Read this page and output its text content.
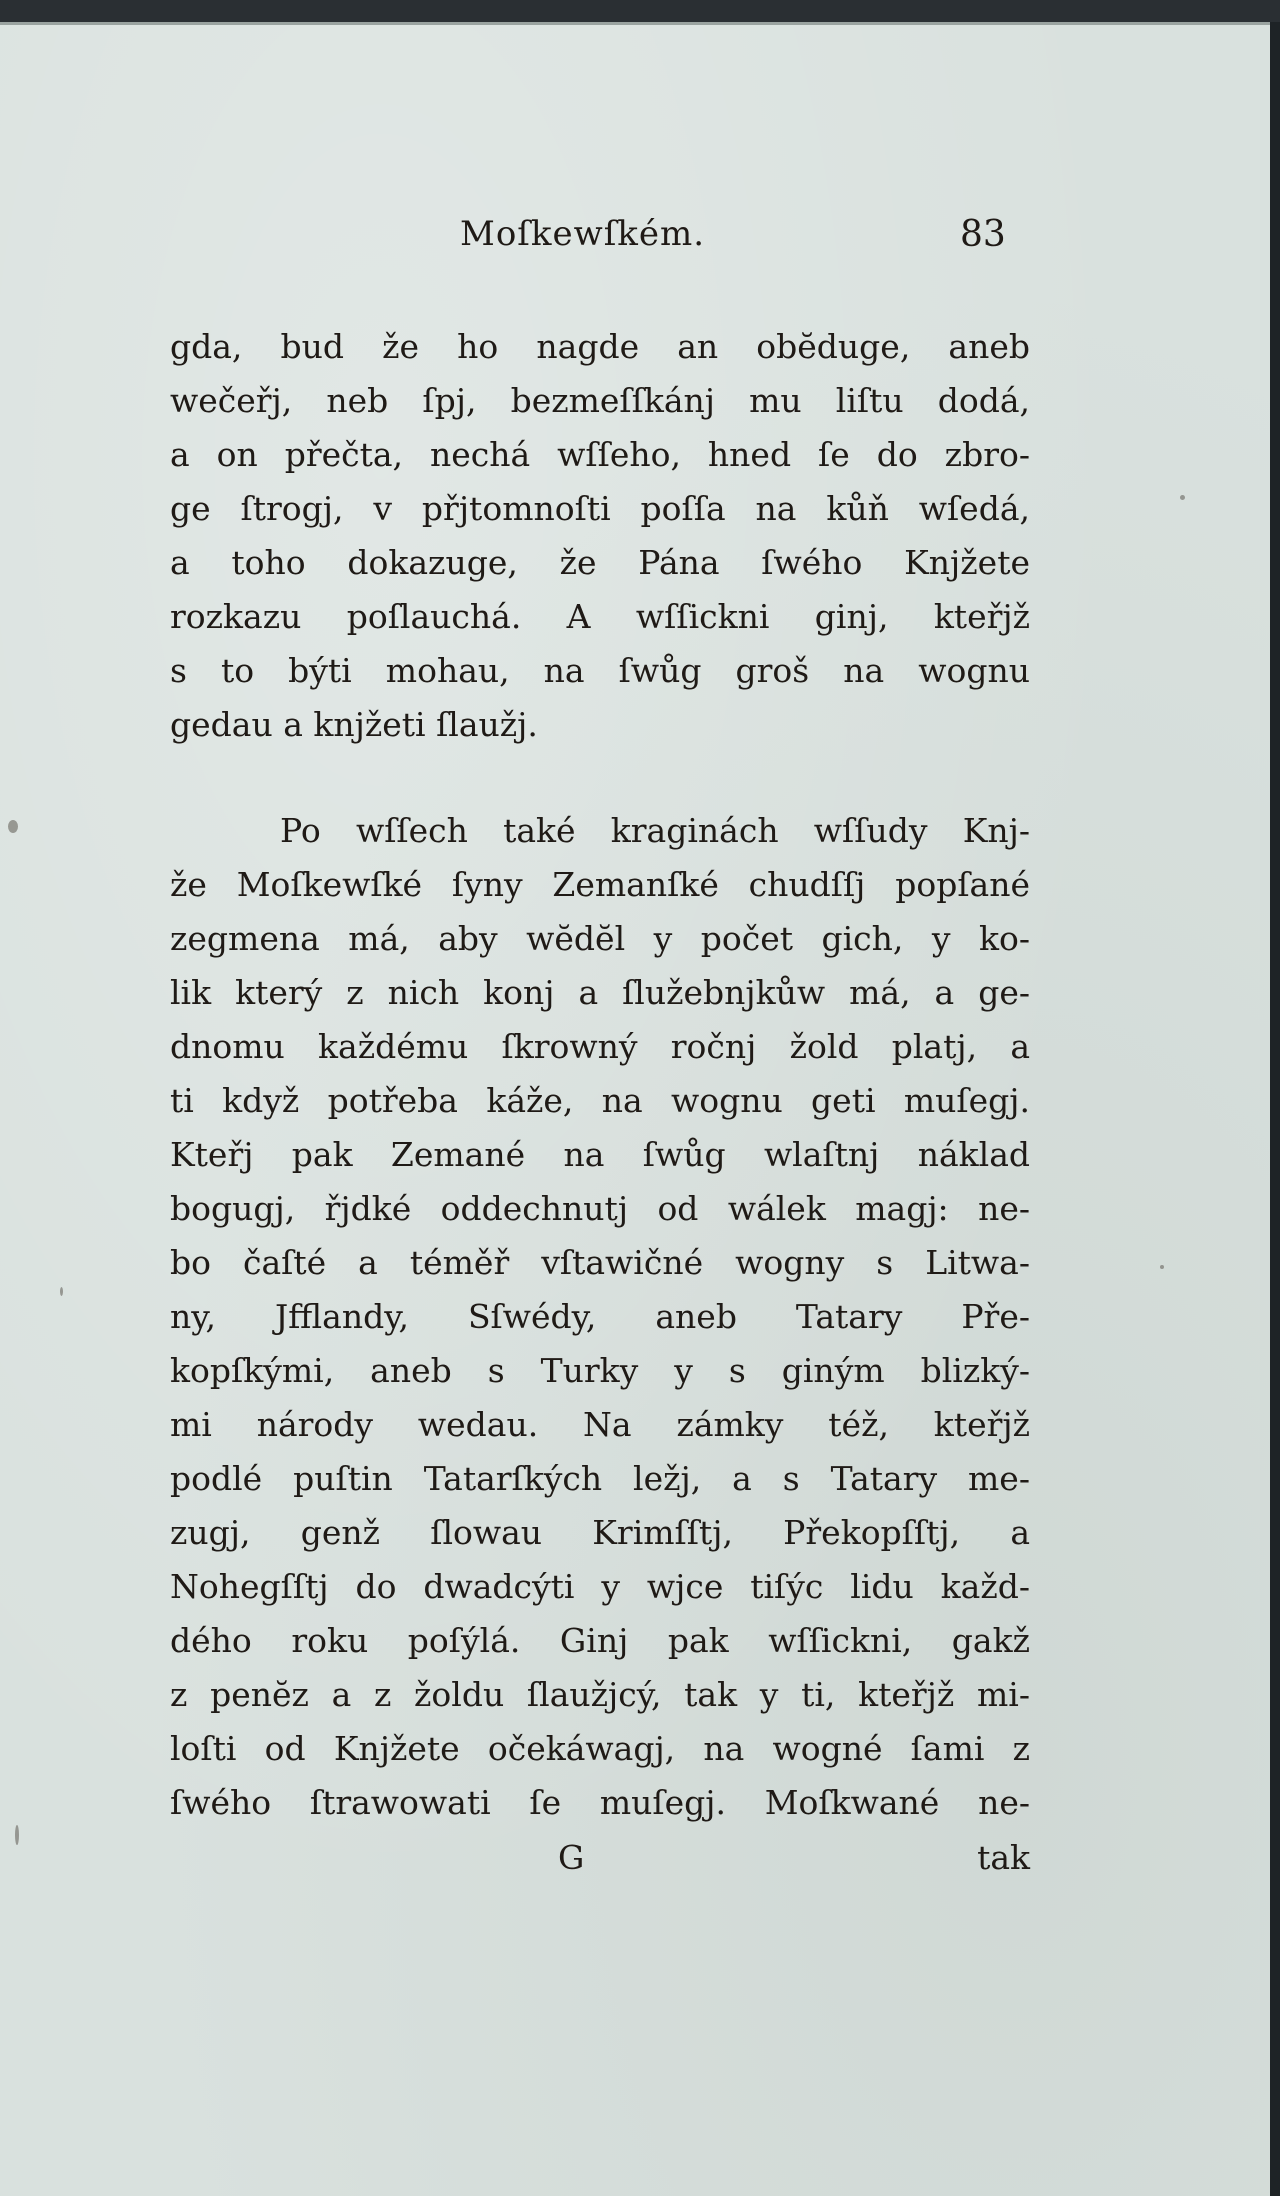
Moſkewſkém.	83
gda, bud že ho nagde an obĕduge, aneb
wečeřj, neb ſpj, bezmeſſkánj mu liſtu dodá,
a on přečta, nechá wſſeho, hned ſe do zbro-
ge ſtrogj, v přjtomnoſti poſſa na kůň wſedá,
a toho dokazuge, že Pána ſwého Knjžete
rozkazu poſlauchá. A wſſickni ginj, kteřjž
s to býti mohau, na ſwůg groš na wognu
gedau a knjžeti ſlaužj.
Po wſſech také kraginách wſſudy Knj-
že Moſkewſké ſyny Zemanſké chudſſj popſané
zegmena má, aby wĕdĕl y počet gich, y ko-
lik který z nich konj a ſlužebnjkůw má, a ge-
dnomu každému ſkrowný ročnj žold platj, a
ti když potřeba káže, na wognu geti muſegj.
Kteřj pak Zemané na ſwůg wlaſtnj náklad
bogugj, řjdké oddechnutj od wálek magj: ne-
bo čaſté a téměř vſtawičné wogny s Litwa-
ny, Jfflandy, Sſwédy, aneb Tatary Pře-
kopſkými, aneb s Turky y s giným blizký-
mi národy wedau. Na zámky též, kteřjž
podlé puſtin Tatarſkých ležj, a s Tatary me-
zugj, genž ſlowau Krimſſtj, Překopſſtj, a
Nohegſſtj do dwadcýti y wjce tiſýc lidu každ-
dého roku poſýlá. Ginj pak wſſickni, gakž
z penĕz a z žoldu ſlaužjcý, tak y ti, kteřjž mi-
loſti od Knjžete očekáwagj, na wogné ſami z
ſwého ſtrawowati ſe muſegj. Moſkwané ne-
G	tak
